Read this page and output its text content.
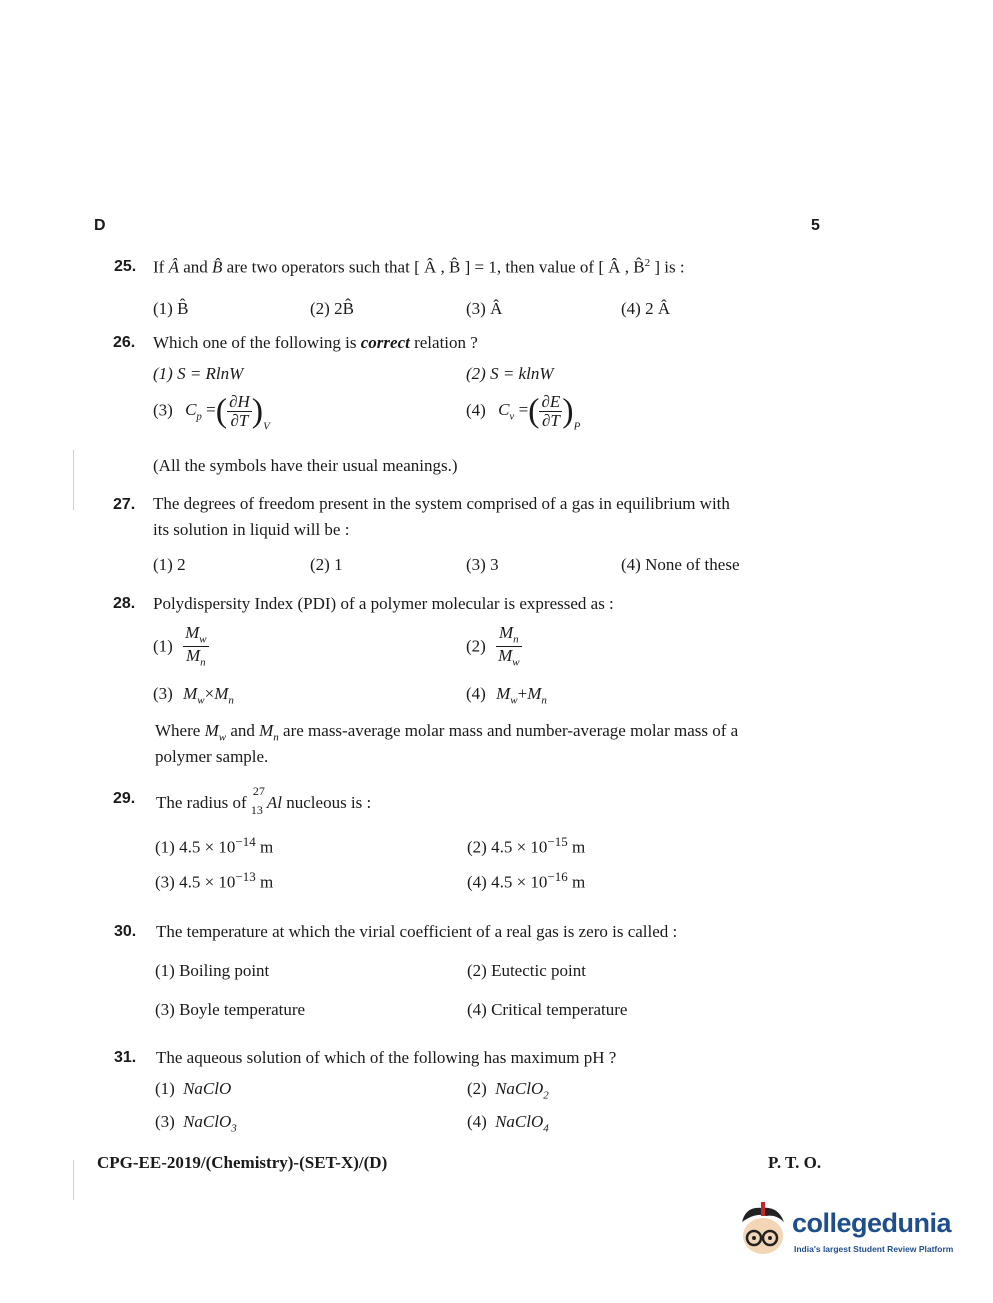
D	5
25. If Â and B̂ are two operators such that [ Â , B̂ ] = 1, then value of [ Â , B̂$^2$ ] is :
(1) B̂	(2) 2B̂	(3) Â	(4) 2 Â
26. Which one of the following is correct relation ?
(1) S = RlnW	(2) S = klnW
(3) $C_p$ =( $\frac{\partial H}{\partial T} )_V$
(4) $C_v$ =( $\frac{\partial E}{\partial T} )_P$
(All the symbols have their usual meanings.)
27. The degrees of freedom present in the system comprised of a gas in equilibrium with
its solution in liquid will be :
(1) 2	(2) 1	(3) 3	(4) None of these
28. Polydispersity Index (PDI) of a polymer molecular is expressed as :
$(1) \frac{M_w}{M_n}$	$(2) \frac{M_n}{M_w}$
(3) $M_w\times M_n$	(4) $M_w+M_n$
Where $M_w$ and $M_n$ are mass-average molar mass and number-average molar mass of a
polymer sample.
29. The radius of
27
13 Al nucleous is :
(1) $4.5 \times 10^{-14}$ m	(2) $4.5 \times 10^{-15}$ m
(3) $4.5 \times 10^{-13}$ m	(4) $4.5 \times 10^{-16}$ m
30. The temperature at which the virial coefficient of a real gas is zero is called :
(1) Boiling point	(2) Eutectic point
(3) Boyle temperature	(4) Critical temperature
31. The aqueous solution of which of the following has maximum pH ?
(1) NaClO	(2) NaClO$_2$
(3) NaClO$_3$	(4) NaClO$_4$
CPG-EE-2019/(Chemistry)-(SET-X)/(D)	P. T. O.
collegedunia
India's largest Student Review Platform
